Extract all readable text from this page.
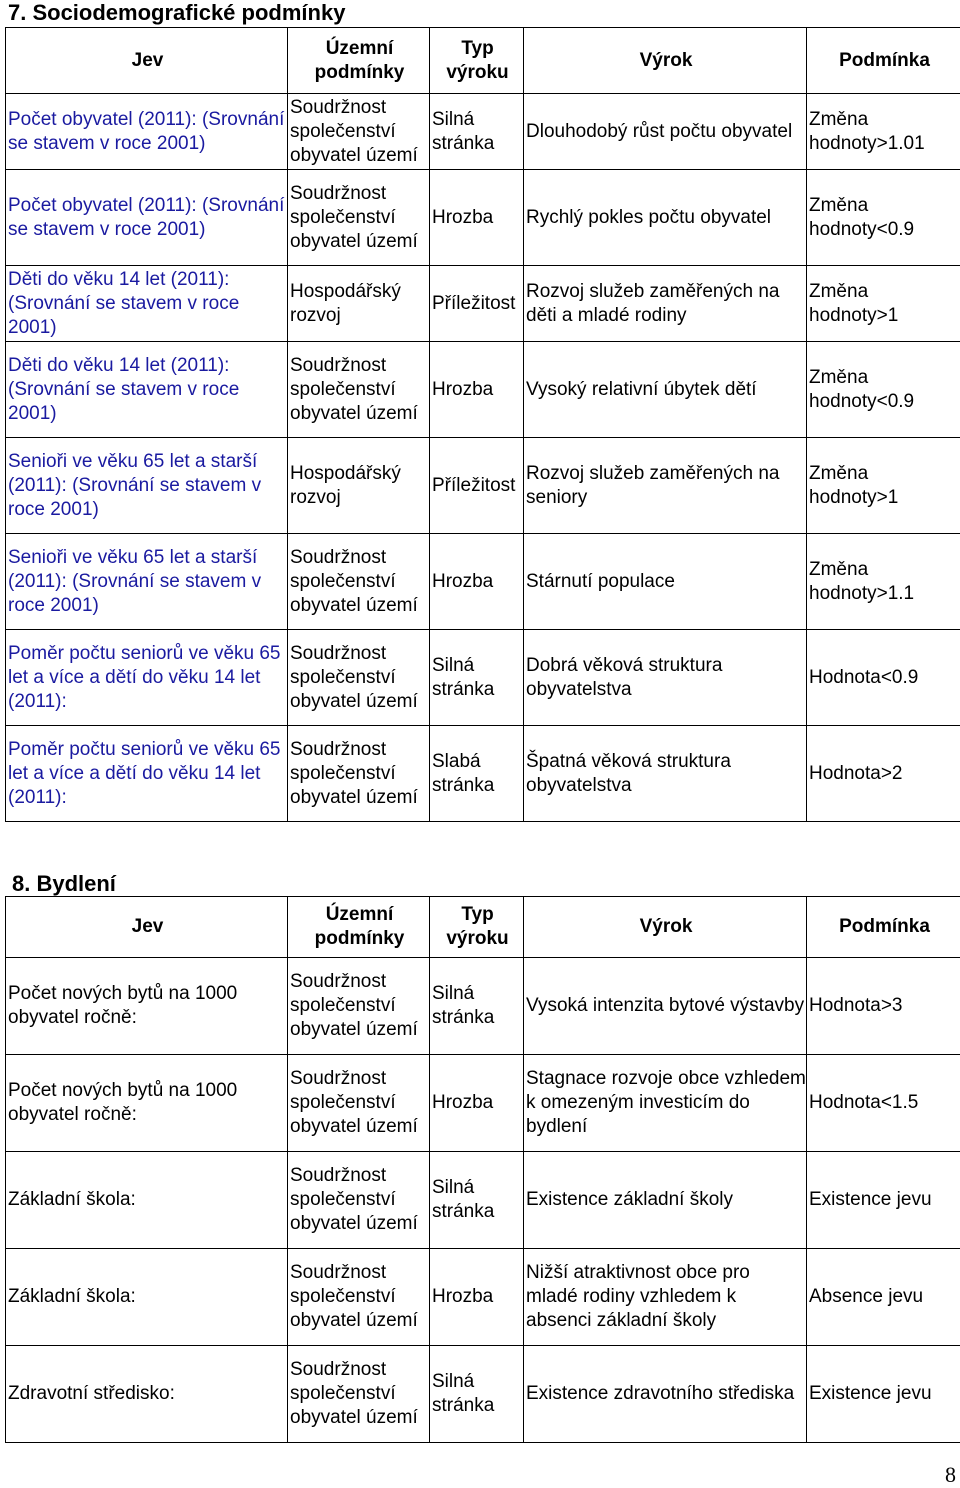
7. Sociodemografické podmínky
Jev	Územní podmínky	Typ výroku	Výrok	Podmínka
Počet obyvatel (2011): (Srovnání se stavem v roce 2001)	Soudržnost společenství obyvatel území	Silná stránka	Dlouhodobý růst počtu obyvatel	Změna hodnoty>1.01
Počet obyvatel (2011): (Srovnání se stavem v roce 2001)	Soudržnost společenství obyvatel území	Hrozba	Rychlý pokles počtu obyvatel	Změna hodnoty<0.9
Děti do věku 14 let (2011): (Srovnání se stavem v roce 2001)	Hospodářský rozvoj	Příležitost	Rozvoj služeb zaměřených na děti a mladé rodiny	Změna hodnoty>1
Děti do věku 14 let (2011): (Srovnání se stavem v roce 2001)	Soudržnost společenství obyvatel území	Hrozba	Vysoký relativní úbytek dětí	Změna hodnoty<0.9
Senioři ve věku 65 let a starší (2011): (Srovnání se stavem v roce 2001)	Hospodářský rozvoj	Příležitost	Rozvoj služeb zaměřených na seniory	Změna hodnoty>1
Senioři ve věku 65 let a starší (2011): (Srovnání se stavem v roce 2001)	Soudržnost společenství obyvatel území	Hrozba	Stárnutí populace	Změna hodnoty>1.1
Poměr počtu seniorů ve věku 65 let a více a dětí do věku 14 let (2011):	Soudržnost společenství obyvatel území	Silná stránka	Dobrá věková struktura obyvatelstva	Hodnota<0.9
Poměr počtu seniorů ve věku 65 let a více a dětí do věku 14 let (2011):	Soudržnost společenství obyvatel území	Slabá stránka	Špatná věková struktura obyvatelstva	Hodnota>2
8. Bydlení
Jev	Územní podmínky	Typ výroku	Výrok	Podmínka
Počet nových bytů na 1000 obyvatel ročně:	Soudržnost společenství obyvatel území	Silná stránka	Vysoká intenzita bytové výstavby	Hodnota>3
Počet nových bytů na 1000 obyvatel ročně:	Soudržnost společenství obyvatel území	Hrozba	Stagnace rozvoje obce vzhledem k omezeným investicím do bydlení	Hodnota<1.5
Základní škola:	Soudržnost společenství obyvatel území	Silná stránka	Existence základní školy	Existence jevu
Základní škola:	Soudržnost společenství obyvatel území	Hrozba	Nižší atraktivnost obce pro mladé rodiny vzhledem k absenci základní školy	Absence jevu
Zdravotní středisko:	Soudržnost společenství obyvatel území	Silná stránka	Existence zdravotního střediska	Existence jevu
8
